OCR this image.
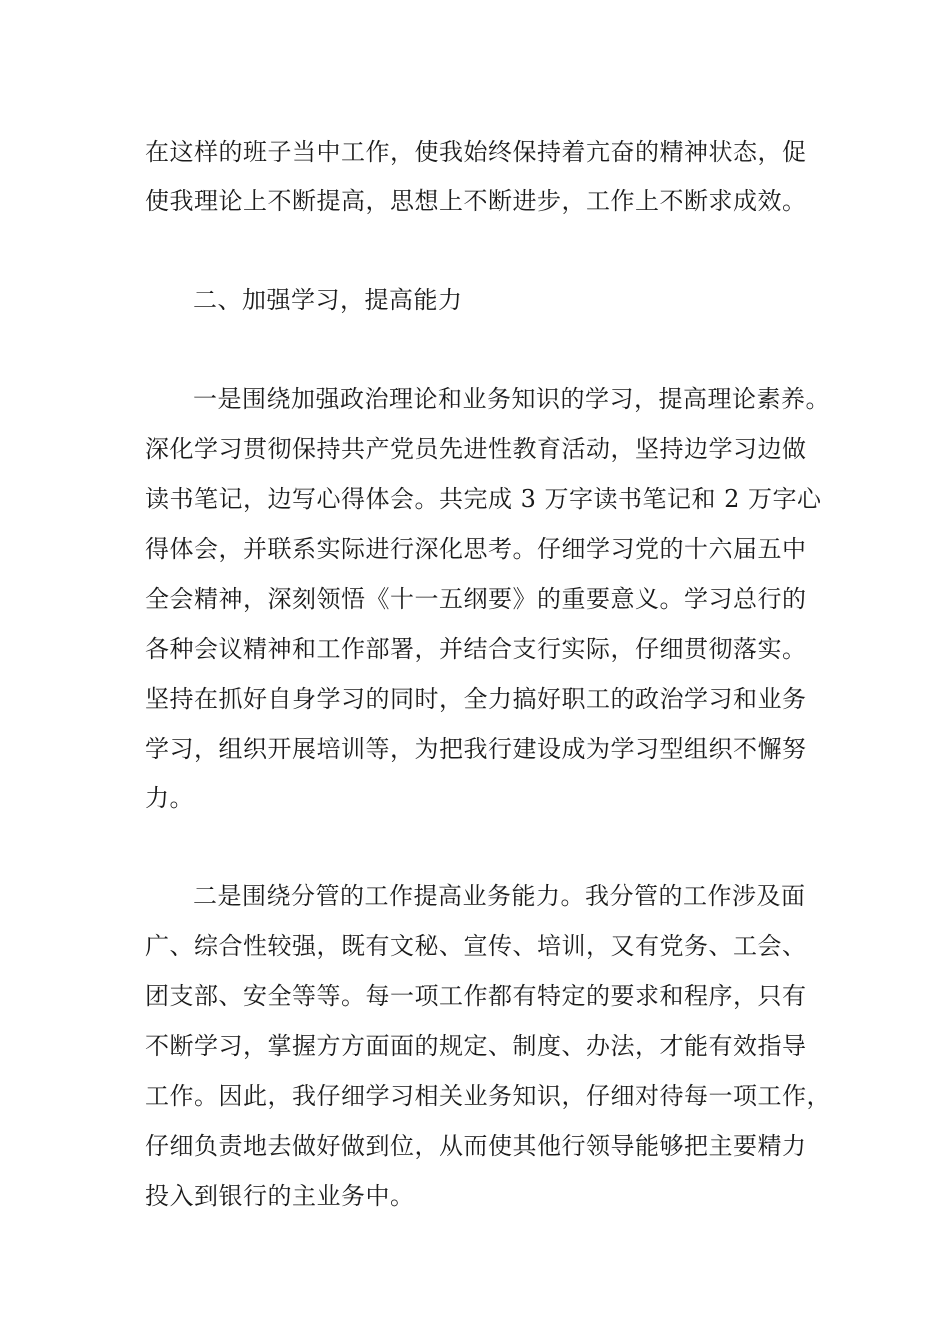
在这样的班子当中工作，使我始终保持着亢奋的精神状态，促
使我理论上不断提高，思想上不断进步，工作上不断求成效。
二、加强学习，提高能力
一是围绕加强政治理论和业务知识的学习，提高理论素养。
深化学习贯彻保持共产党员先进性教育活动，坚持边学习边做
读书笔记，边写心得体会。共完成 3 万字读书笔记和 2 万字心
得体会，并联系实际进行深化思考。仔细学习党的十六届五中
全会精神，深刻领悟《十一五纲要》的重要意义。学习总行的
各种会议精神和工作部署，并结合支行实际，仔细贯彻落实。
坚持在抓好自身学习的同时，全力搞好职工的政治学习和业务
学习，组织开展培训等，为把我行建设成为学习型组织不懈努
力。
二是围绕分管的工作提高业务能力。我分管的工作涉及面
广、综合性较强，既有文秘、宣传、培训，又有党务、工会、
团支部、安全等等。每一项工作都有特定的要求和程序，只有
不断学习，掌握方方面面的规定、制度、办法，才能有效指导
工作。因此，我仔细学习相关业务知识，仔细对待每一项工作，
仔细负责地去做好做到位，从而使其他行领导能够把主要精力
投入到银行的主业务中。
